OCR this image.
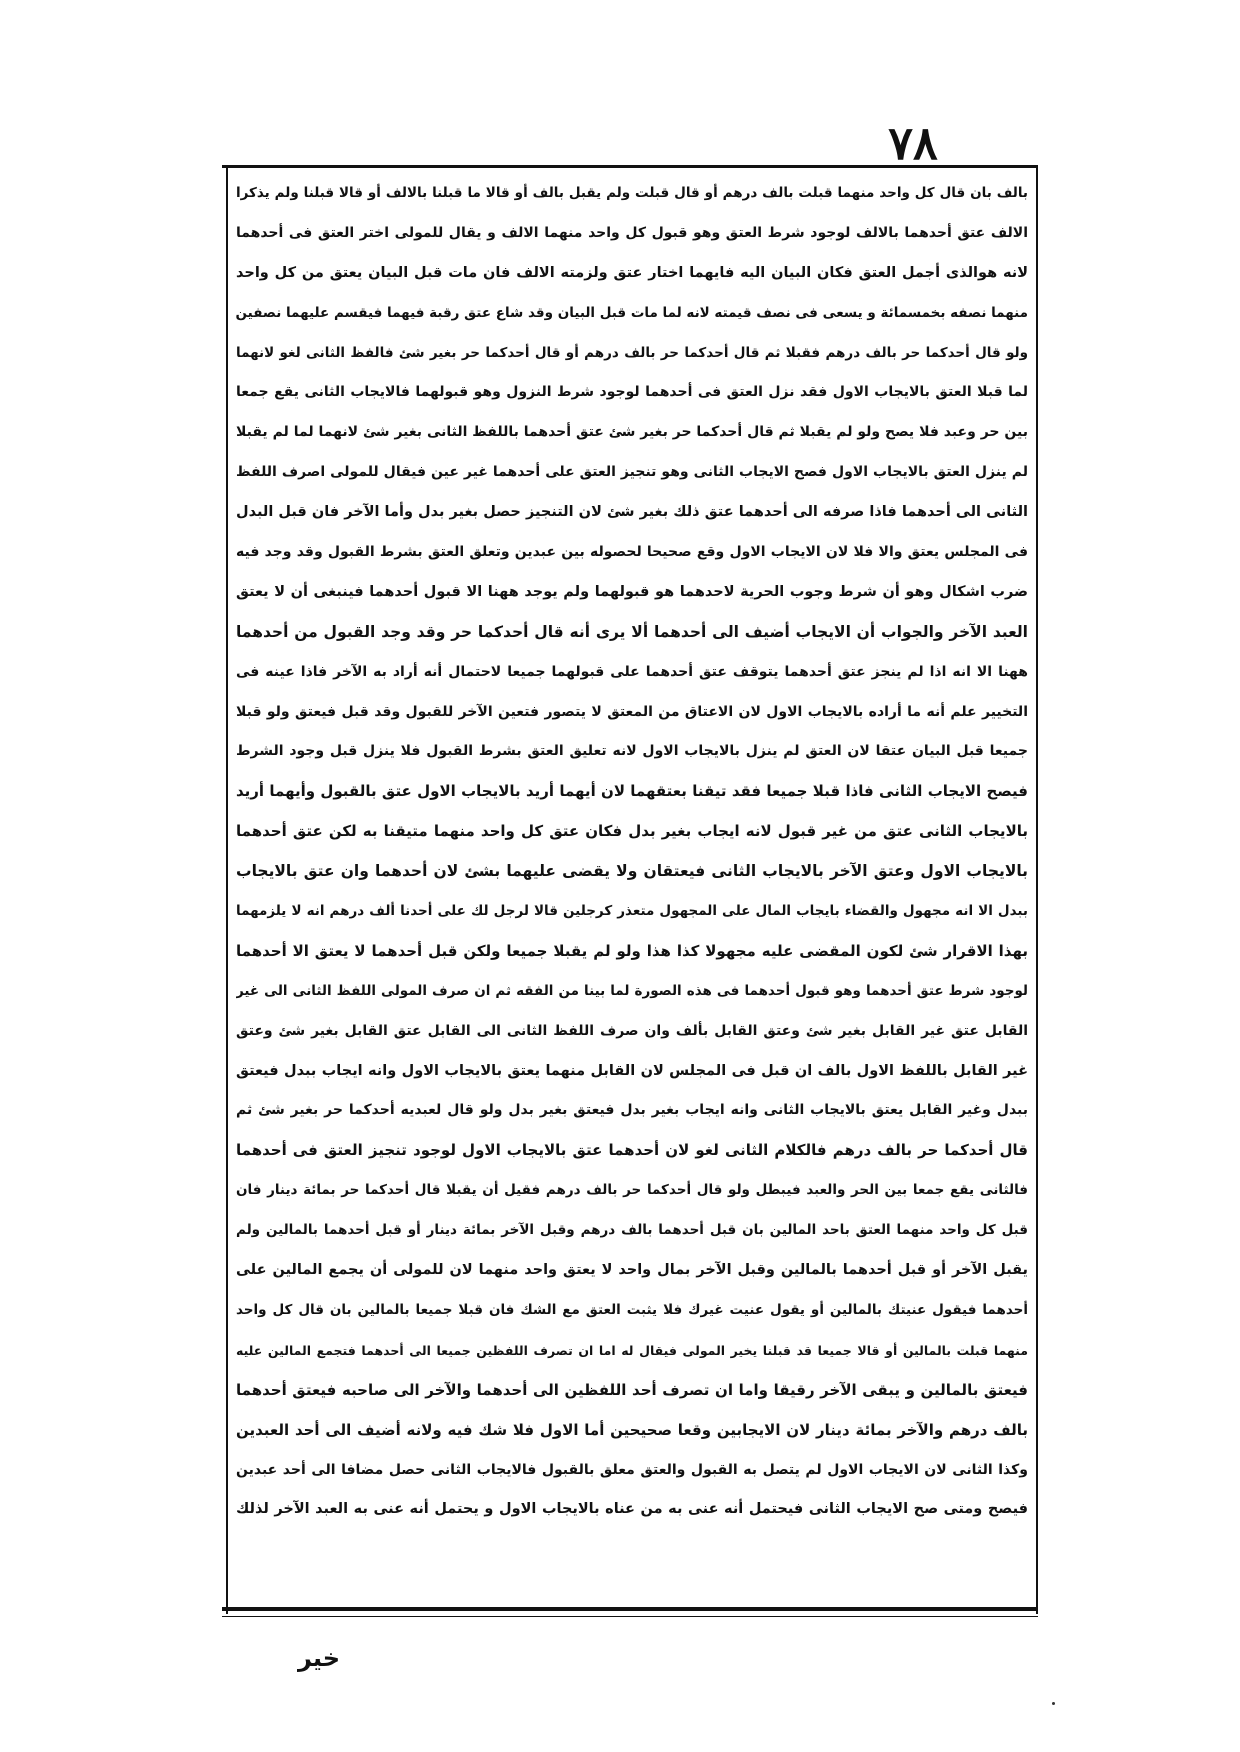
٧٨
بالف بان قال كل واحد منهما قبلت بالف درهم أو قال قبلت ولم يقبل بالف أو قالا ما قبلنا بالالف أو قالا قبلنا ولم يذكرا
الالف عتق أحدهما بالالف لوجود شرط العتق وهو قبول كل واحد منهما الالف و يقال للمولى اختر العتق فى أحدهما
لانه هوالذى أجمل العتق فكان البيان اليه فايهما اختار عتق ولزمته الالف فان مات قبل البيان يعتق من كل واحد
منهما نصفه بخمسمائة و يسعى فى نصف قيمته لانه لما مات قبل البيان وقد شاع عتق رقبة فيهما فيقسم عليهما نصفين
ولو قال أحدكما حر بالف درهم فقبلا ثم قال أحدكما حر بالف درهم أو قال أحدكما حر بغير شئ فالفظ الثانى لغو لانهما
لما قبلا العتق بالايجاب الاول فقد نزل العتق فى أحدهما لوجود شرط النزول وهو قبولهما فالايجاب الثانى يقع جمعا
بين حر وعبد فلا يصح ولو لم يقبلا ثم قال أحدكما حر بغير شئ عتق أحدهما باللفظ الثانى بغير شئ لانهما لما لم يقبلا
لم ينزل العتق بالايجاب الاول فصح الايجاب الثانى وهو تنجيز العتق على أحدهما غير عين فيقال للمولى اصرف اللفظ
الثانى الى أحدهما فاذا صرفه الى أحدهما عتق ذلك بغير شئ لان التنجيز حصل بغير بدل وأما الآخر فان قبل البدل
فى المجلس يعتق والا فلا لان الايجاب الاول وقع صحيحا لحصوله بين عبدين وتعلق العتق بشرط القبول وقد وجد فيه
ضرب اشكال وهو أن شرط وجوب الحرية لاحدهما هو قبولهما ولم يوجد ههنا الا قبول أحدهما فينبغى أن لا يعتق
العبد الآخر والجواب أن الايجاب أضيف الى أحدهما ألا يرى أنه قال أحدكما حر وقد وجد القبول من أحدهما
ههنا الا انه اذا لم ينجز عتق أحدهما يتوقف عتق أحدهما على قبولهما جميعا لاحتمال أنه أراد به الآخر فاذا عينه فى
التخيير علم أنه ما أراده بالايجاب الاول لان الاعتاق من المعتق لا يتصور فتعين الآخر للقبول وقد قبل فيعتق ولو قبلا
جميعا قبل البيان عتقا لان العتق لم ينزل بالايجاب الاول لانه تعليق العتق بشرط القبول فلا ينزل قبل وجود الشرط
فيصح الايجاب الثانى فاذا قبلا جميعا فقد تيقنا بعتقهما لان أيهما أريد بالايجاب الاول عتق بالقبول وأيهما أريد
بالايجاب الثانى عتق من غير قبول لانه ايجاب بغير بدل فكان عتق كل واحد منهما متيقنا به لكن عتق أحدهما
بالايجاب الاول وعتق الآخر بالايجاب الثانى فيعتقان ولا يقضى عليهما بشئ لان أحدهما وان عتق بالايجاب
ببدل الا انه مجهول والقضاء بايجاب المال على المجهول متعذر كرجلين قالا لرجل لك على أحدنا ألف درهم انه لا يلزمهما
بهذا الاقرار شئ لكون المقضى عليه مجهولا كذا هذا ولو لم يقبلا جميعا ولكن قبل أحدهما لا يعتق الا أحدهما
لوجود شرط عتق أحدهما وهو قبول أحدهما فى هذه الصورة لما بينا من الفقه ثم ان صرف المولى اللفظ الثانى الى غير
القابل عتق غير القابل بغير شئ وعتق القابل بألف وان صرف اللفظ الثانى الى القابل عتق القابل بغير شئ وعتق
غير القابل باللفظ الاول بالف ان قبل فى المجلس لان القابل منهما يعتق بالايجاب الاول وانه ايجاب ببدل فيعتق
ببدل وغير القابل يعتق بالايجاب الثانى وانه ايجاب بغير بدل فيعتق بغير بدل ولو قال لعبديه أحدكما حر بغير شئ ثم
قال أحدكما حر بالف درهم فالكلام الثانى لغو لان أحدهما عتق بالايجاب الاول لوجود تنجيز العتق فى أحدهما
فالثانى يقع جمعا بين الحر والعبد فيبطل ولو قال أحدكما حر بالف درهم فقيل أن يقبلا قال أحدكما حر بمائة دينار فان
قبل كل واحد منهما العتق باحد المالين بان قبل أحدهما بالف درهم وقبل الآخر بمائة دينار أو قبل أحدهما بالمالين ولم
يقبل الآخر أو قبل أحدهما بالمالين وقبل الآخر بمال واحد لا يعتق واحد منهما لان للمولى أن يجمع المالين على
أحدهما فيقول عنيتك بالمالين أو يقول عنيت غيرك فلا يثبت العتق مع الشك فان قبلا جميعا بالمالين بان قال كل واحد
منهما قبلت بالمالين أو قالا جميعا قد قبلنا يخير المولى فيقال له اما ان تصرف اللفظين جميعا الى أحدهما فتجمع المالين عليه
فيعتق بالمالين و يبقى الآخر رقيقا واما ان تصرف أحد اللفظين الى أحدهما والآخر الى صاحبه فيعتق أحدهما
بالف درهم والآخر بمائة دينار لان الايجابين وقعا صحيحين أما الاول فلا شك فيه ولانه أضيف الى أحد العبدين
وكذا الثانى لان الايجاب الاول لم يتصل به القبول والعتق معلق بالقبول فالايجاب الثانى حصل مضافا الى أحد عبدين
فيصح ومتى صح الايجاب الثانى فيحتمل أنه عنى به من عناه بالايجاب الاول و يحتمل أنه عنى به العبد الآخر لذلك
خير
